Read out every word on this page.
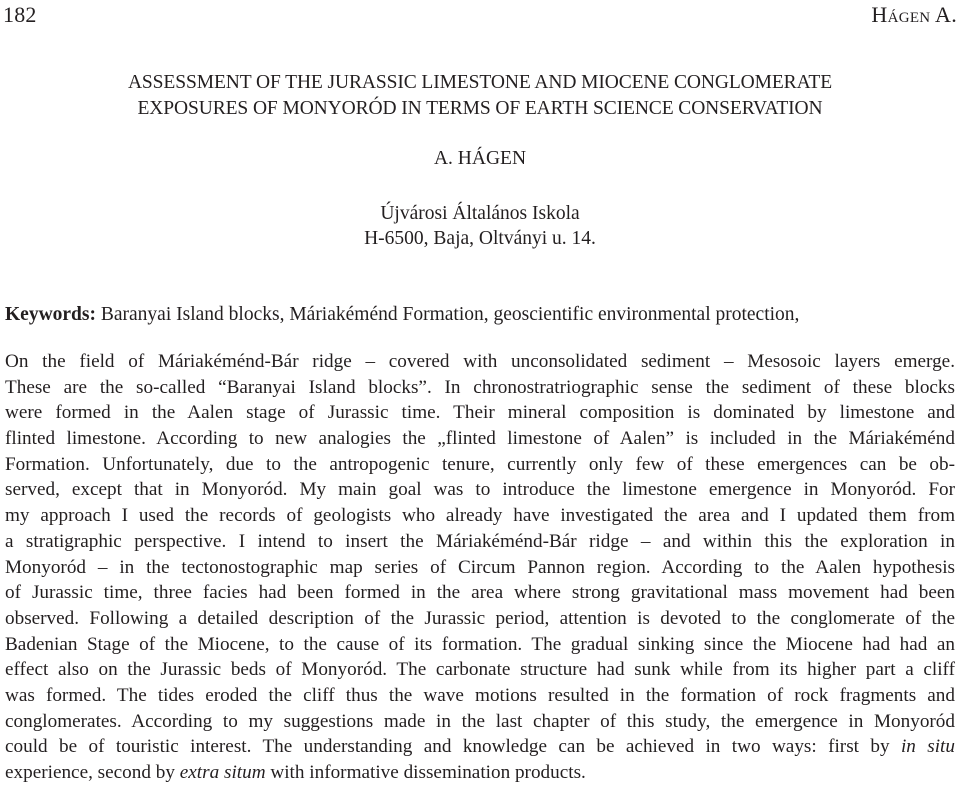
182	Hágen A.
ASSESSMENT OF THE JURASSIC LIMESTONE AND MIOCENE CONGLOMERATE
EXPOSURES OF MONYORÓD IN TERMS OF EARTH SCIENCE CONSERVATION
A. HÁGEN
Újvárosi Általános Iskola
H-6500, Baja, Oltványi u. 14.
Keywords: Baranyai Island blocks, Máriakéménd Formation, geoscientific environmental protection,
On the field of Máriakéménd-Bár ridge – covered with unconsolidated sediment – Mesosoic layers emerge.
These are the so-called “Baranyai Island blocks”. In chronostratriographic sense the sediment of these blocks
were formed in the Aalen stage of Jurassic time. Their mineral composition is dominated by limestone and
flinted limestone. According to new analogies the „flinted limestone of Aalen” is included in the Máriakéménd
Formation. Unfortunately, due to the antropogenic tenure, currently only few of these emergences can be ob-
served, except that in Monyoród. My main goal was to introduce the limestone emergence in Monyoród. For
my approach I used the records of geologists who already have investigated the area and I updated them from
a stratigraphic perspective. I intend to insert the Máriakéménd-Bár ridge – and within this the exploration in
Monyoród – in the tectonostographic map series of Circum Pannon region. According to the Aalen hypothesis
of Jurassic time, three facies had been formed in the area where strong gravitational mass movement had been
observed. Following a detailed description of the Jurassic period, attention is devoted to the conglomerate of the
Badenian Stage of the Miocene, to the cause of its formation. The gradual sinking since the Miocene had had an
effect also on the Jurassic beds of Monyoród. The carbonate structure had sunk while from its higher part a cliff
was formed. The tides eroded the cliff thus the wave motions resulted in the formation of rock fragments and
conglomerates. According to my suggestions made in the last chapter of this study, the emergence in Monyoród
could be of touristic interest. The understanding and knowledge can be achieved in two ways: first by in situ
experience, second by extra situm with informative dissemination products.
